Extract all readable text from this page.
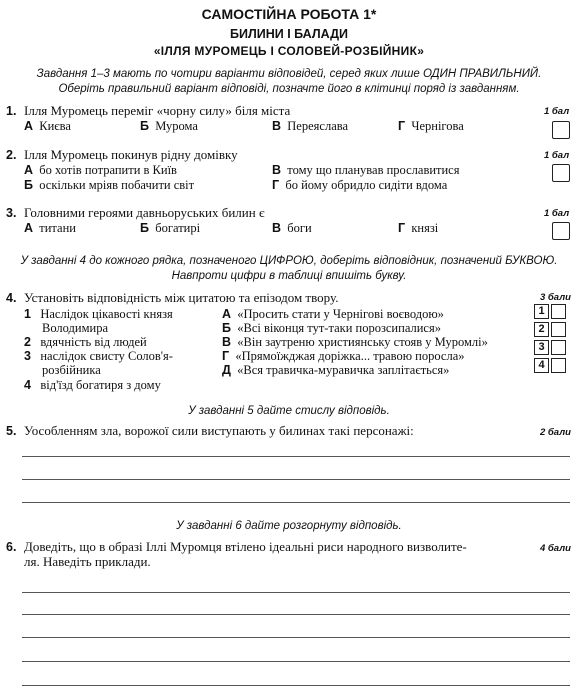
САМОСТІЙНА РОБОТА 1*
БИЛИНИ І БАЛАДИ
«ІЛЛЯ МУРОМЕЦЬ І СОЛОВЕЙ-РОЗБІЙНИК»
Завдання 1–3 мають по чотири варіанти відповідей, серед яких лише ОДИН ПРАВИЛЬНИЙ.
Оберіть правильний варіант відповіді, позначте його в клітинці поряд із завданням.
1. Ілля Муромець переміг «чорну силу» біля міста	1 бал
А Києва	Б Мурома	В Переяслава	Г Чернігова
2. Ілля Муромець покинув рідну домівку	1 бал
А бо хотів потрапити в Київ	В тому що планував прославитися
Б оскільки мріяв побачити світ	Г бо йому обридло сидіти вдома
3. Головними героями давньоруських билин є	1 бал
А титани	Б богатирі	В боги	Г князі
У завданні 4 до кожного рядка, позначеного ЦИФРОЮ, доберіть відповідник, позначений БУКВОЮ.
Навпроти цифри в таблиці впишіть букву.
4. Установіть відповідність між цитатою та епізодом твору.	3 бали
1 Наслідок цікавості князя
Володимира
2 вдячність від людей
3 наслідок свисту Солов'я-
розбійника
4 від'їзд богатиря з дому
А «Просить стати у Чернігові воєводою»
Б «Всі віконця тут-таки порозсипалися»
В «Він заутреню християнську стояв у Муромлі»
Г «Прямоїжджая доріжка... травою поросла»
Д «Вся травичка-муравичка заплітається»
1
2
3
4
У завданні 5 дайте стислу відповідь.
5. Уособленням зла, ворожої сили виступають у билинах такі персонажі:	2 бали
У завданні 6 дайте розгорнуту відповідь.
6. Доведіть, що в образі Іллі Муромця втілено ідеальні риси народного визволите-
ля. Наведіть приклади.
4 бали
